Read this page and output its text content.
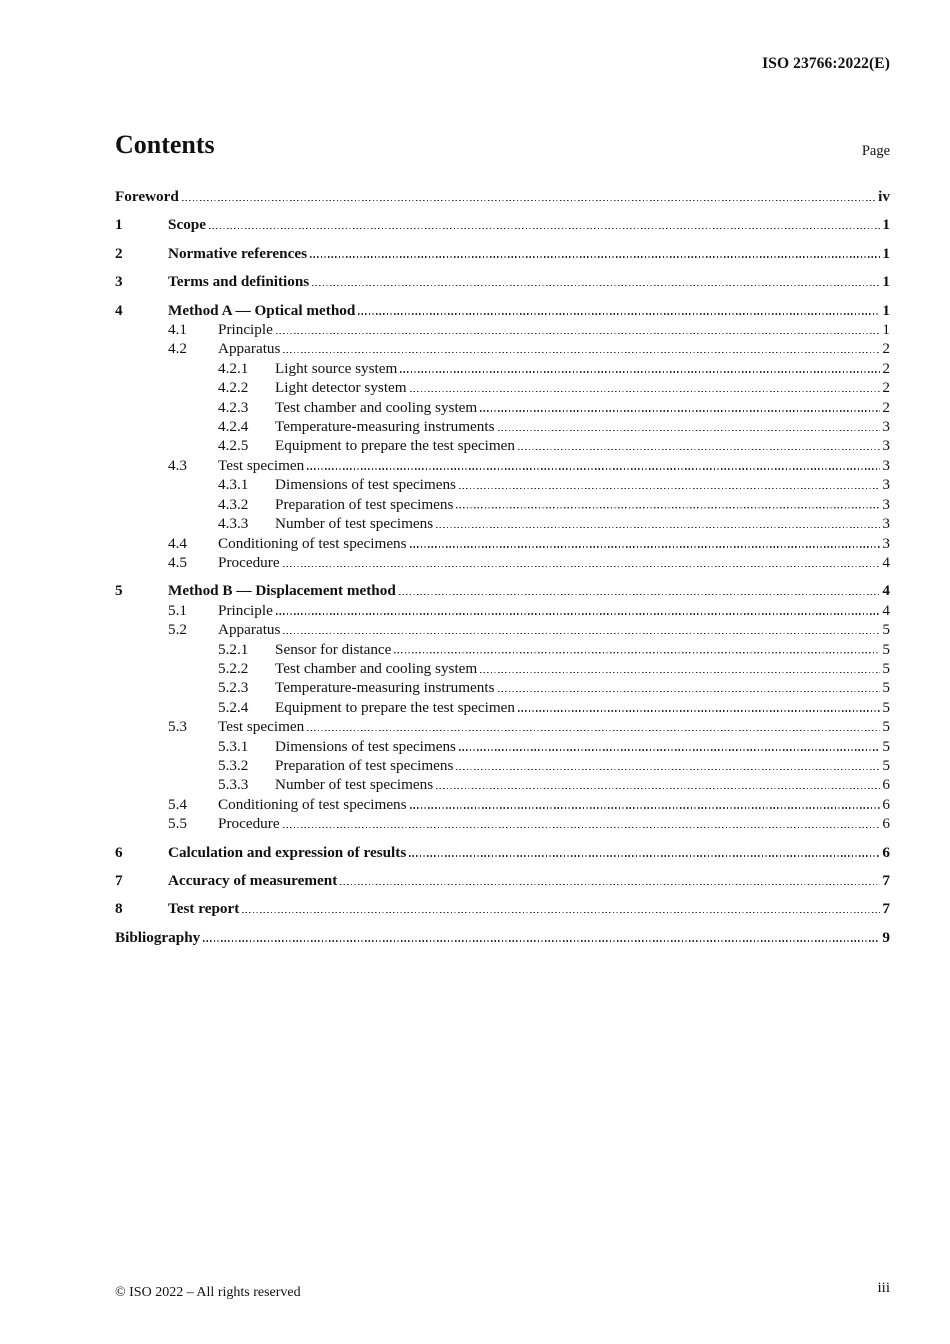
ISO 23766:2022(E)
Contents	Page
Foreword	iv
1	Scope	1
2	Normative references	1
3	Terms and definitions	1
4	Method A — Optical method	1
4.1	Principle	1
4.2	Apparatus	2
4.2.1	Light source system	2
4.2.2	Light detector system	2
4.2.3	Test chamber and cooling system	2
4.2.4	Temperature-measuring instruments	3
4.2.5	Equipment to prepare the test specimen	3
4.3	Test specimen	3
4.3.1	Dimensions of test specimens	3
4.3.2	Preparation of test specimens	3
4.3.3	Number of test specimens	3
4.4	Conditioning of test specimens	3
4.5	Procedure	4
5	Method B — Displacement method	4
5.1	Principle	4
5.2	Apparatus	5
5.2.1	Sensor for distance	5
5.2.2	Test chamber and cooling system	5
5.2.3	Temperature-measuring instruments	5
5.2.4	Equipment to prepare the test specimen	5
5.3	Test specimen	5
5.3.1	Dimensions of test specimens	5
5.3.2	Preparation of test specimens	5
5.3.3	Number of test specimens	6
5.4	Conditioning of test specimens	6
5.5	Procedure	6
6	Calculation and expression of results	6
7	Accuracy of measurement	7
8	Test report	7
Bibliography	9
© ISO 2022 – All rights reserved	iii
